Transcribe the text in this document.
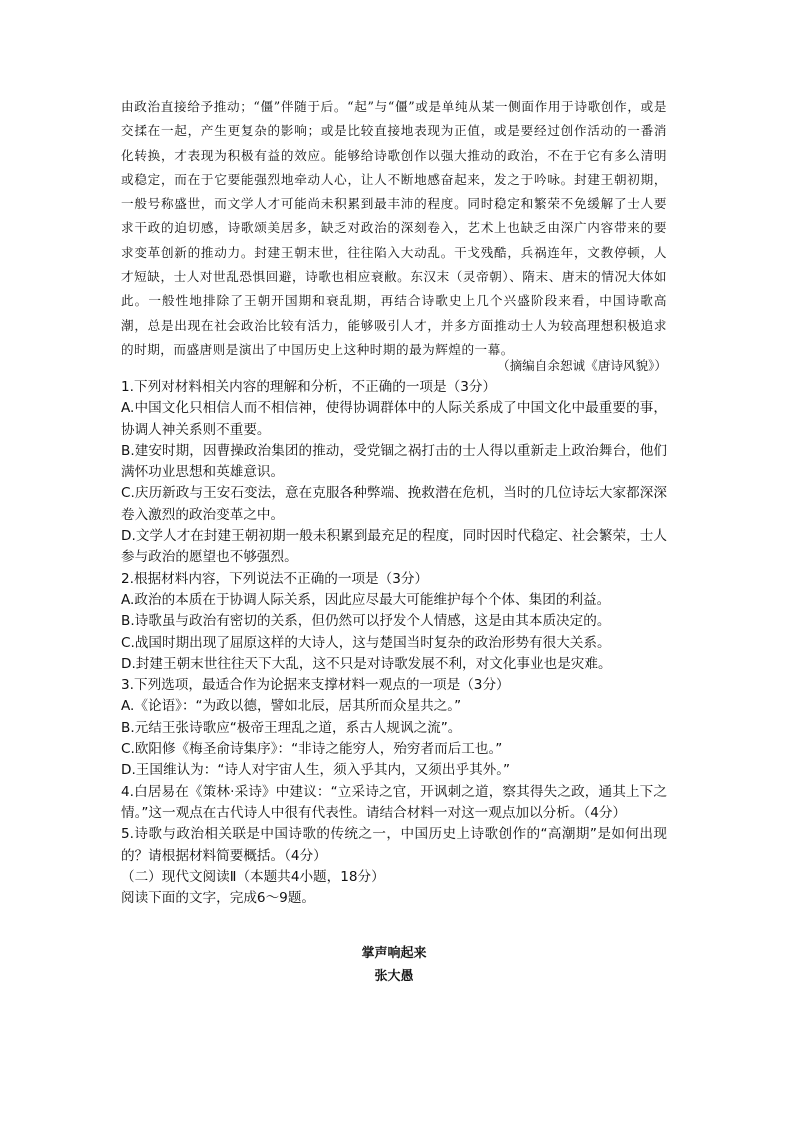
由政治直接给予推动；“僵”伴随于后。“起”与“僵”或是单纯从某一侧面作用于诗歌创作，或是交揉在一起，产生更复杂的影响；或是比较直接地表现为正值，或是要经过创作活动的一番消化转换，才表现为积极有益的效应。能够给诗歌创作以强大推动的政治，不在于它有多么清明或稳定，而在于它要能强烈地牵动人心，让人不断地感奋起来，发之于吟咏。封建王朝初期，一般号称盛世，而文学人才可能尚未积累到最丰沛的程度。同时稳定和繁荣不免缓解了士人要求干政的迫切感，诗歌颂美居多，缺乏对政治的深刻卷入，艺术上也缺乏由深广内容带来的要求变革创新的推动力。封建王朝末世，往往陷入大动乱。干戈残酷，兵祸连年，文教停顿，人才短缺，士人对世乱恐惧回避，诗歌也相应衰敝。东汉末（灵帝朝）、隋末、唐末的情况大体如此。一般性地排除了王朝开国期和衰乱期，再结合诗歌史上几个兴盛阶段来看，中国诗歌高潮，总是出现在社会政治比较有活力，能够吸引人才，并多方面推动士人为较高理想积极追求的时期，而盛唐则是演出了中国历史上这种时期的最为辉煌的一幕。

（摘编自余恕诚《唐诗风貌》）

1.下列对材料相关内容的理解和分析，不正确的一项是（3分）

A.中国文化只相信人而不相信神，使得协调群体中的人际关系成了中国文化中最重要的事，协调人神关系则不重要。

B.建安时期，因曹操政治集团的推动，受党锢之祸打击的士人得以重新走上政治舞台，他们满怀功业思想和英雄意识。

C.庆历新政与王安石变法，意在克服各种弊端、挽救潜在危机，当时的几位诗坛大家都深深卷入激烈的政治变革之中。

D.文学人才在封建王朝初期一般未积累到最充足的程度，同时因时代稳定、社会繁荣，士人参与政治的愿望也不够强烈。

2.根据材料内容，下列说法不正确的一项是（3分）

A.政治的本质在于协调人际关系，因此应尽最大可能维护每个个体、集团的利益。

B.诗歌虽与政治有密切的关系，但仍然可以抒发个人情感，这是由其本质决定的。

C.战国时期出现了屈原这样的大诗人，这与楚国当时复杂的政治形势有很大关系。

D.封建王朝末世往往天下大乱，这不只是对诗歌发展不利，对文化事业也是灾难。

3.下列选项，最适合作为论据来支撑材料一观点的一项是（3分）

A.《论语》：“为政以德，譬如北辰，居其所而众星共之。”

B.元结王张诗歌应“极帝王理乱之道，系古人规讽之流”。

C.欧阳修《梅圣俞诗集序》：“非诗之能穷人，殆穷者而后工也。”

D.王国维认为：“诗人对宇宙人生，须入乎其内，又须出乎其外。”

4.白居易在《策林·采诗》中建议：“立采诗之官，开讽刺之道，察其得失之政，通其上下之情。”这一观点在古代诗人中很有代表性。请结合材料一对这一观点加以分析。（4分）

5.诗歌与政治相关联是中国诗歌的传统之一，中国历史上诗歌创作的“高潮期”是如何出现的？请根据材料简要概括。（4分）

（二）现代文阅读Ⅱ（本题共4小题，18分）

阅读下面的文字，完成6～9题。

掌声响起来
张大愚
